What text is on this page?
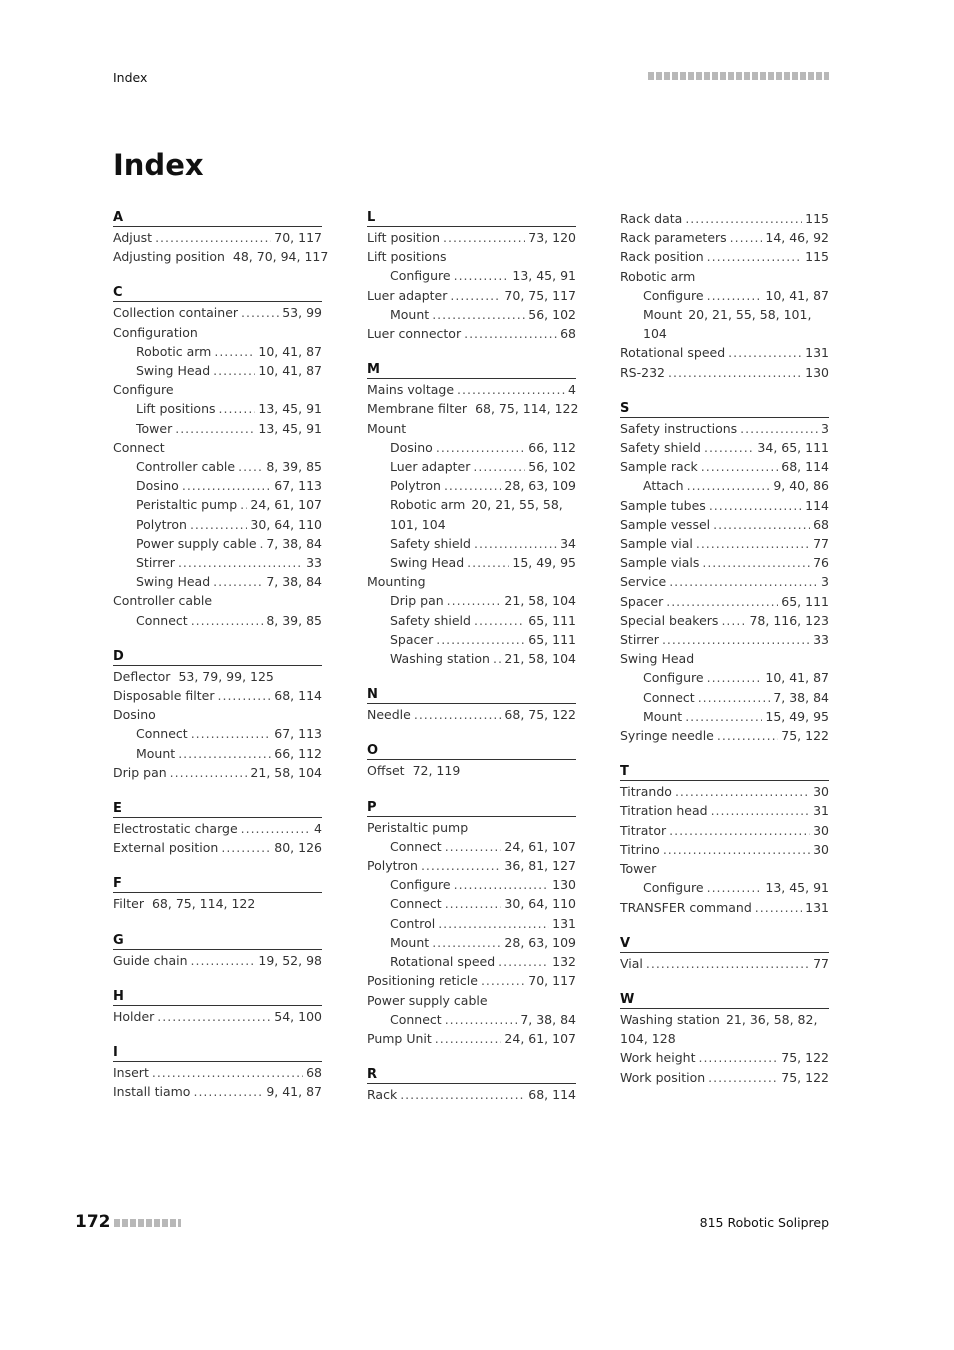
Index
Index
A
Adjust .....	70, 117
Adjusting position 48, 70, 94, 117
C
Collection container .....	53, 99
Configuration
Robotic arm .....	10, 41, 87
Swing Head .....	10, 41, 87
Configure
Lift positions .....	13, 45, 91
Tower .....	13, 45, 91
Connect
Controller cable ..... 8, 39, 85
Dosino .....	67, 113
Peristaltic pump ..... 24, 61, 107
Polytron .....	30, 64, 110
Power supply cable ..... 7, 38, 84
Stirrer .....	33
Swing Head .....	7, 38, 84
Controller cable
Connect .....	8, 39, 85
D
Deflector 53, 79, 99, 125
Disposable filter .....	68, 114
Dosino
Connect .....	67, 113
Mount .....	66, 112
Drip pan .....	21, 58, 104
E
Electrostatic charge .....	4
External position .....	80, 126
F
Filter 68, 75, 114, 122
G
Guide chain .....	19, 52, 98
H
Holder .....	54, 100
I
Insert .....	68
Install tiamo .....	9, 41, 87
L
Lift position .....	73, 120
Lift positions
Configure .....	13, 45, 91
Luer adapter .....	70, 75, 117
Mount .....	56, 102
Luer connector .....	68
M
Mains voltage .....	4
Membrane filter 68, 75, 114, 122
Mount
Dosino .....	66, 112
Luer adapter .....	56, 102
Polytron .....	28, 63, 109
Robotic arm 20, 21, 55, 58, 101, 104
Safety shield .....	34
Swing Head .....	15, 49, 95
Mounting
Drip pan .....	21, 58, 104
Safety shield .....	65, 111
Spacer .....	65, 111
Washing station ..... 21, 58, 104
N
Needle .....	68, 75, 122
O
Offset 72, 119
P
Peristaltic pump
Connect .....	24, 61, 107
Polytron .....	36, 81, 127
Configure .....	130
Connect .....	30, 64, 110
Control .....	131
Mount .....	28, 63, 109
Rotational speed .....	132
Positioning reticle .....	70, 117
Power supply cable
Connect .....	7, 38, 84
Pump Unit .....	24, 61, 107
R
Rack .....	68, 114
Rack data .....	115
Rack parameters .....	14, 46, 92
Rack position .....	115
Robotic arm
Configure .....	10, 41, 87
Mount 20, 21, 55, 58, 101, 104
Rotational speed .....	131
RS-232 .....	130
S
Safety instructions .....	3
Safety shield .....	34, 65, 111
Sample rack .....	68, 114
Attach .....	9, 40, 86
Sample tubes .....	114
Sample vessel .....	68
Sample vial .....	77
Sample vials .....	76
Service .....	3
Spacer .....	65, 111
Special beakers ..... 78, 116, 123
Stirrer .....	33
Swing Head
Configure .....	10, 41, 87
Connect .....	7, 38, 84
Mount .....	15, 49, 95
Syringe needle .....	75, 122
T
Titrando .....	30
Titration head .....	31
Titrator .....	30
Titrino .....	30
Tower
Configure .....	13, 45, 91
TRANSFER command .....	131
V
Vial .....	77
W
Washing station 21, 36, 58, 82, 104, 128
Work height .....	75, 122
Work position .....	75, 122
172	815 Robotic Soliprep
